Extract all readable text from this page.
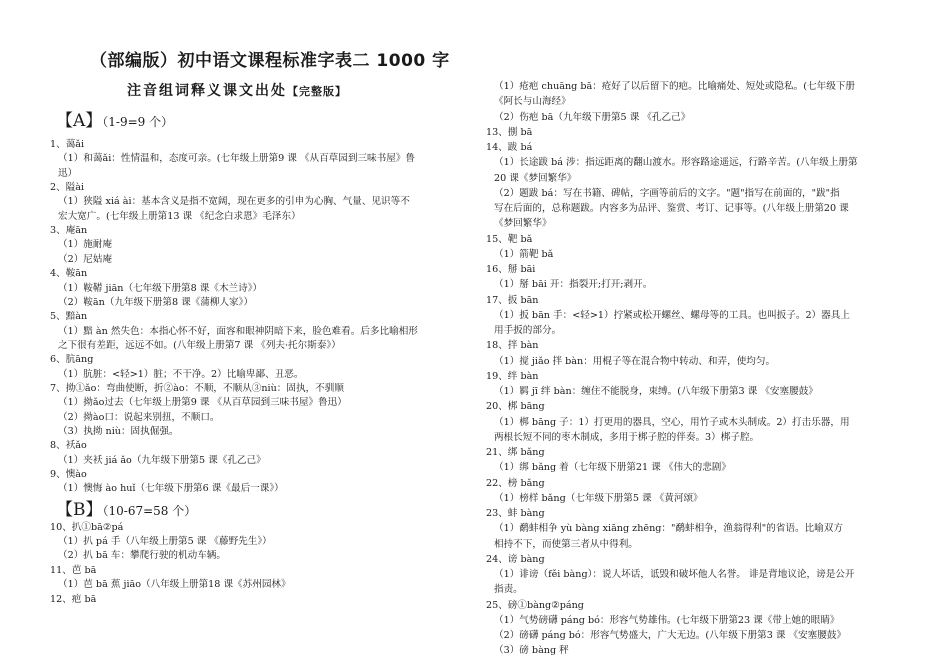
（部编版）初中语文课程标准字表二 1000 字
注音组词释义课文出处【完整版】
【A】（1-9=9 个）
1、蔼ǎi
（1）和蔼ǎi：性情温和，态度可亲。(七年级上册第9 课 《从百草园到三味书屋》鲁
迅）
2、隘ài
（1）狭隘 xiá ài：基本含义是指不宽阔，现在更多的引申为心胸、气量、见识等不
宏大宽广。(七年级上册第13 课 《纪念白求恩》毛泽东）
3、庵ān
（1）施耐庵
（2）尼姑庵
4、鞍ān
（1）鞍鞯 jiān（七年级下册第8 课《木兰诗》）
（2）鞍ān（九年级下册第8 课《蒲柳人家》）
5、黯àn
（1）黯 àn 然失色：本指心怀不好，面容和眼神阴暗下来，脸色难看。后多比喻相形
之下很有差距，远远不如。(八年级上册第7 课 《列夫·托尔斯泰》）
6、肮āng
（1）肮脏：<轻>1）脏；不干净。2）比喻卑鄙、丑恶。
7、拗①ǎo：弯曲使断，折②ào：不顺，不顺从③niù：固执，不驯顺
（1）拗ǎo过去（七年级上册第9 课 《从百草园到三味书屋》鲁迅）
（2）拗ào口：说起来别扭，不顺口。
（3）执拗 niù：固执倔强。
8、袄ǎo
（1）夹袄 jiá ǎo（九年级下册第5 课《孔乙己》
9、懊ào
（1）懊悔 ào huǐ（七年级下册第6 课《最后一课》）
10、扒①bā②pá
（1）扒 pá 手（八年级上册第5 课 《藤野先生》）
（2）扒 bā 车：攀爬行驶的机动车辆。
11、芭 bā
（1）芭 bā 蕉 jiāo（八年级上册第18 课《苏州园林》
12、疤 bā
【B】（10-67=58 个）
（1）疮疤 chuāng bā：疮好了以后留下的疤。比喻痛处、短处或隐私。(七年级下册
《阿长与山海经》
（2）伤疤 bā（九年级下册第5 课 《孔乙己》
13、捌 bā
14、跋 bá
（1）长途跋 bá 涉：指远距离的翻山渡水。形容路途遥远，行路辛苦。(八年级上册第
20 课《梦回繁华》
（2）题跋 bá：写在书籍、碑帖，字画等前后的文字。"题"指写在前面的，"跋"指
写在后面的，总称题跋。内容多为品评、鉴赏、考订、记事等。(八年级上册第20 课
《梦回繁华》
15、靶 bǎ
（1）箭靶 bǎ
16、掰 bāi
（1）掰 bāi 开：指裂开;打开;剥开。
17、扳 bān
（1）扳 bān 手：<轻>1）拧紧或松开螺丝、螺母等的工具。也叫扳子。2）器具上
用手扳的部分。
18、拌 bàn
（1）搅 jiǎo 拌 bàn：用棍子等在混合物中转动、和弄，使均匀。
19、绊 bàn
（1）羁 jī 绊 bàn：缠住不能脱身，束缚。(八年级下册第3 课 《安塞腰鼓》
20、梆 bāng
（1）梆 bāng 子：1）打更用的器具，空心，用竹子或木头制成。2）打击乐器，用
两根长短不同的枣木制成，多用于梆子腔的伴奏。3）梆子腔。
21、绑 bǎng
（1）绑 bǎng 着（七年级下册第21 课 《伟大的悲剧》
22、榜 bǎng
（1）榜样 bǎng（七年级下册第5 课 《黄河颂》
23、蚌 bàng
（1）鹬蚌相争 yù bàng xiāng zhēng："鹬蚌相争，渔翁得利"的省语。比喻双方
相持不下，而使第三者从中得利。
24、谤 bàng
（1）诽谤（fěi bàng）：说人坏话，诋毁和破坏他人名誉。 诽是背地议论，谤是公开
指责。
25、磅①bàng②páng
（1）气势磅礴 páng bó：形容气势雄伟。(七年级下册第23 课《带上她的眼睛》
（2）磅礴 páng bó：形容气势盛大，广大无边。(八年级下册第3 课 《安塞腰鼓》
（3）磅 bàng 秤
